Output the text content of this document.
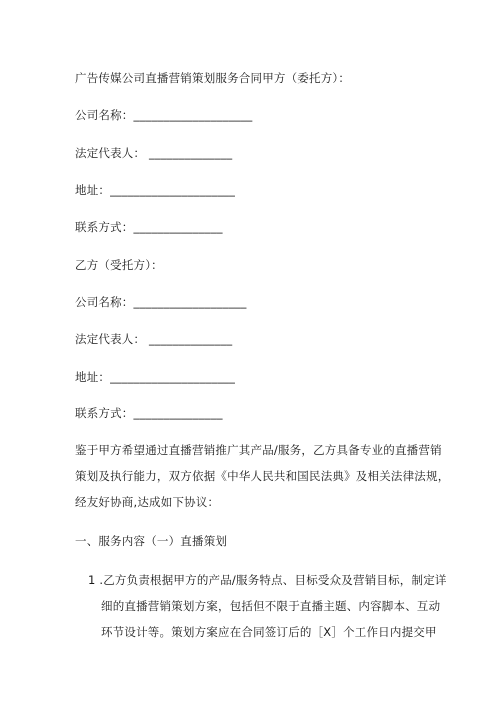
广告传媒公司直播营销策划服务合同甲方（委托方）：
公司名称：____________________
法定代表人： ______________
地址：_____________________
联系方式：_______________
乙方（受托方）：
公司名称：___________________
法定代表人： ______________
地址：_____________________
联系方式：_______________
鉴于甲方希望通过直播营销推广其产品/服务，乙方具备专业的直播营销
策划及执行能力，双方依据《中华人民共和国民法典》及相关法律法规，
经友好协商,达成如下协议：
一、服务内容（一）直播策划
1 .乙方负责根据甲方的产品/服务特点、目标受众及营销目标，制定详
细的直播营销策划方案，包括但不限于直播主题、内容脚本、互动
环节设计等。策划方案应在合同签订后的［X］个工作日内提交甲
